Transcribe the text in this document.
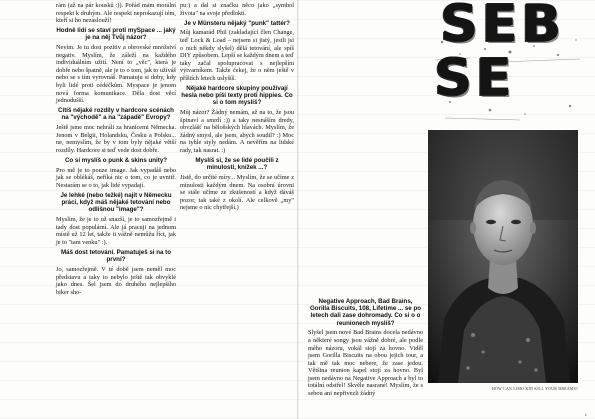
rám (až na pár kousků :)). Pořád mám morální respekt k druhým. Ale respekt neprokazují tém, kteří si ho nezaslouží!

Hodně lidí se staví proti mySpace ... jaký je na něj Tvůj názor?

Nevím. Je tu dost pozitiv a obrovské množství negativ. Myslím, že záleží na každého individuálním užití. Není to „věc", která je dobře nebo špatně, ale je to o tom, jak to užíváš nebo se s tím vyrovnáš. Pamatuju si doby, kdy byli lidé proti cédéčkům. Myspace je jenom nová forma komunikace. Děla dost věcí jednodušší.

Cítíš nějaké rozdíly v hardcore scénách na "východě" a na "západě" Evropy?

Ještě jsme moc nehráli za hranicemi Německa. Jenom v Belgii, Holandsku, Česku a Polsku... ne, nemyslím, že by v tom byly nějaké větší rozdíly. Hardcore si teď vede dost dobře.

Co si myslíš o punk & skins unity?

Pro mě je to pouze image. Jak vypadáš nebo jak se oblékáš, neříká nic o tom, co je uvnitř. Nestarám se o to, jak lidé vypadají.

Je lehké (nebo težké) najít v Německu práci, když máš nějaké tetování nebo odlišnou "image"?

Myslím, že je to už snazší, je to samozřejmě i tady dost populární. Ale já pracuji na jednom místě už 12 let, takže ti vážně nemůžu říct, jak je to "tam venku" :).

Máš dost tetování. Pamatuješ si na to první?

Jo, samozřejmě. V té době jsem neměl moc představu a taky to nebylo ještě tak obvyklé jako dnes. Šel jsem do druhého nejlepšího biker sho-

pu:) a dal si značku něco jako „symbol života" na svoje předloktí.

Je v Münsteru nějaký "punk" tattér?

Můj kamarád Phil (zakladající člen Change, teď Lock & Load – nejsem si jistý, jestli jsi o nich někdy slyšel) dělá tetování, ale spíš DIY způsobem. Lepší se každým dnem a teď taky začal spolupracovat s nejlepším výtvarníkem. Takže čekej, že o něm ještě v příštích letech uslyšíš.

Nějaké hardcore skupiny používají hesla nebo píší texty proti hippies. Co si o tom myslíš?

Můj názor? Žádný nemám, až na to, že jsou špinaví a smrdí :)) a taky nesnáším dredy, obvzlášť na bělošských hlavách. Myslím, že žádný smysl, ale jsem, abych soudil? :) Moc na tyhle styly nedám. A nevěřím na lidské rady, tak nasrat. :)

Myslíš si, že se lidé poučili z minulosti, knížek ...?

Jistě, do určité míry... Myslím, že se učíme z minulosti každým dnem. Na osobní úrovni se stále učíme ze zkušeností a když dáváš pozor, tak také z okolí. Ale celkově „my" nejsme o nic chytřejší.)

SEB
SE

Negative Approach, Bad Brains, Gorilla Biscuits, 108, Lifetime ... se po letech dali zase dohromady. Co si o o reunionech myslíš?

Slyšel jsem nové Bad Brains docela nedávno a některé songy jsou vážně dobré, ale podle mého názoru, vokál stojí za hovno. Viděl jsem Gorilla Biscuits na obou jejich tour, a tak mě tak moc nebere, že zase jedou. Většina reunion kapel stojí za hovno. Byl jsem nedávno na Negative Approach a byl to totální odstřel! Skvěle nasrané! Myslím, že s sebou ani nepřivezli žádný

HOW CAN LIMO KID KILL YOUR DREAMS?
1
